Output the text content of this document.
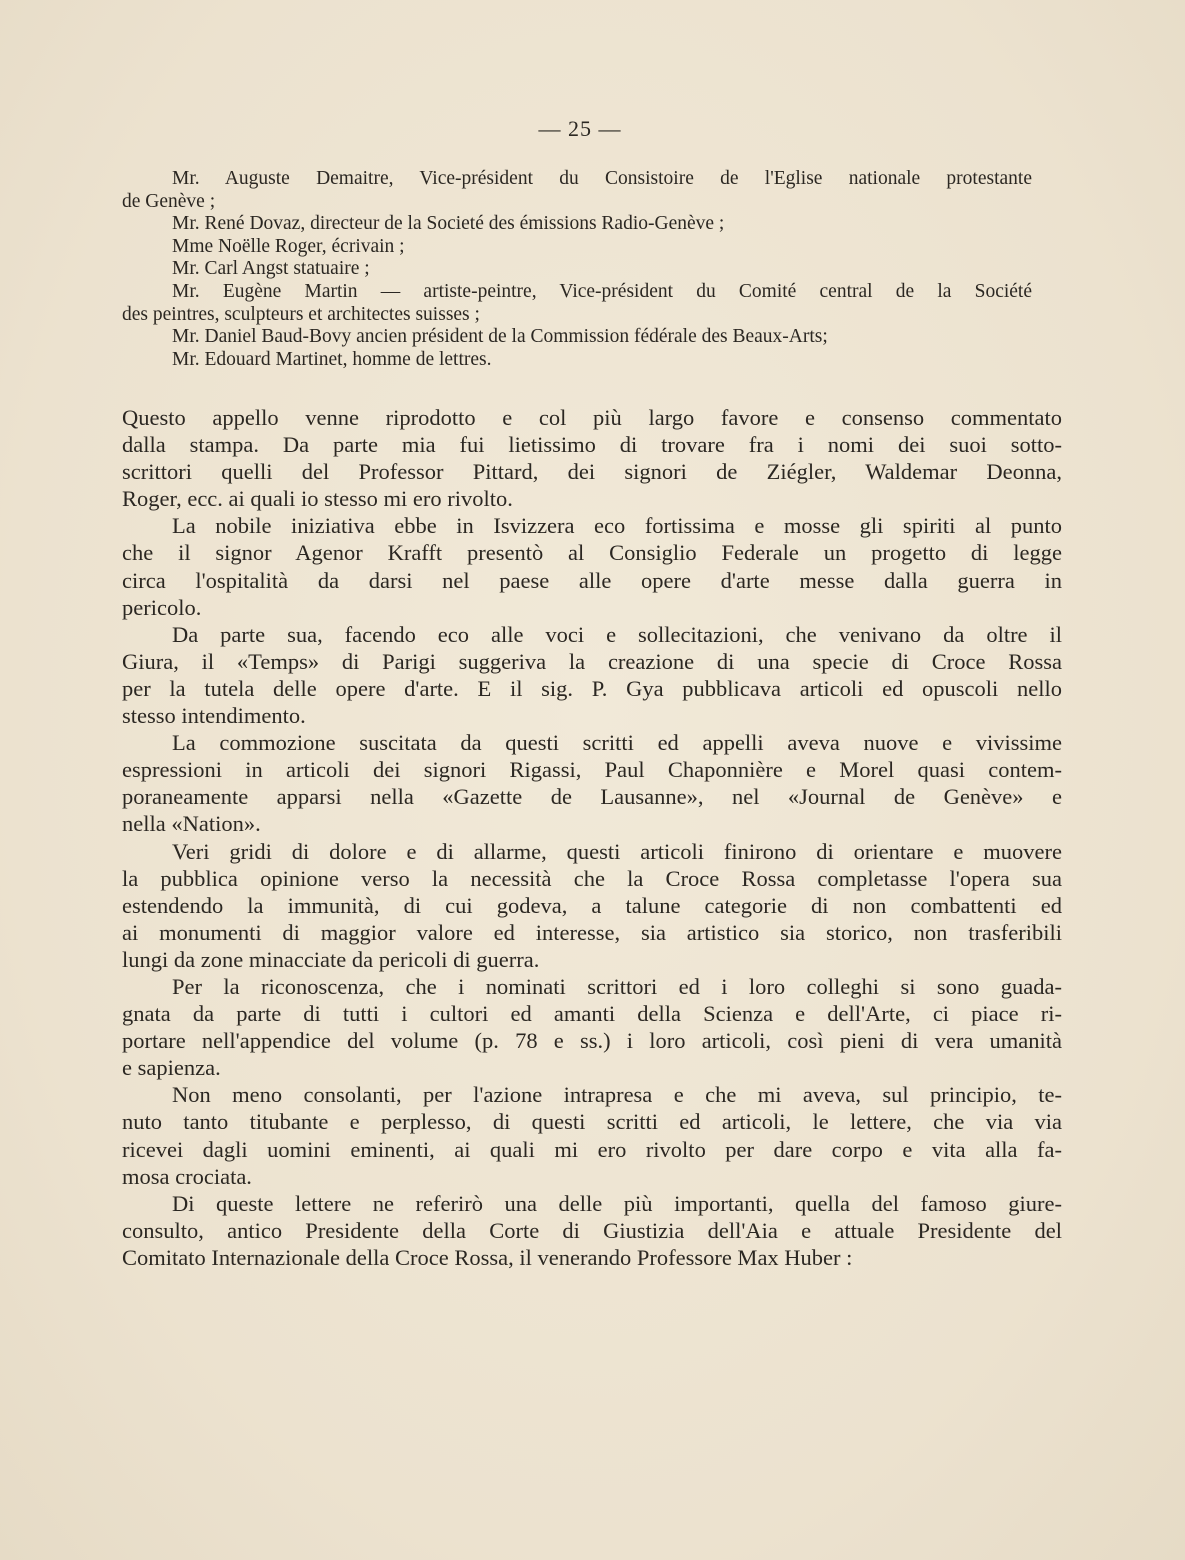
— 25 —
Mr. Auguste Demaitre, Vice-président du Consistoire de l'Eglise nationale protestante
de Genève ;
Mr. René Dovaz, directeur de la Societé des émissions Radio-Genève ;
Mme Noëlle Roger, écrivain ;
Mr. Carl Angst statuaire ;
Mr. Eugène Martin — artiste-peintre, Vice-président du Comité central de la Société
des peintres, sculpteurs et architectes suisses ;
Mr. Daniel Baud-Bovy ancien président de la Commission fédérale des Beaux-Arts;
Mr. Edouard Martinet, homme de lettres.
Questo appello venne riprodotto e col più largo favore e consenso commentato
dalla stampa. Da parte mia fui lietissimo di trovare fra i nomi dei suoi sotto-
scrittori quelli del Professor Pittard, dei signori de Ziégler, Waldemar Deonna,
Roger, ecc. ai quali io stesso mi ero rivolto.
La nobile iniziativa ebbe in Isvizzera eco fortissima e mosse gli spiriti al punto
che il signor Agenor Krafft presentò al Consiglio Federale un progetto di legge
circa l'ospitalità da darsi nel paese alle opere d'arte messe dalla guerra in
pericolo.
Da parte sua, facendo eco alle voci e sollecitazioni, che venivano da oltre il
Giura, il «Temps» di Parigi suggeriva la creazione di una specie di Croce Rossa
per la tutela delle opere d'arte. E il sig. P. Gya pubblicava articoli ed opuscoli nello
stesso intendimento.
La commozione suscitata da questi scritti ed appelli aveva nuove e vivissime
espressioni in articoli dei signori Rigassi, Paul Chaponnière e Morel quasi contem-
poraneamente apparsi nella «Gazette de Lausanne», nel «Journal de Genève» e
nella «Nation».
Veri gridi di dolore e di allarme, questi articoli finirono di orientare e muovere
la pubblica opinione verso la necessità che la Croce Rossa completasse l'opera sua
estendendo la immunità, di cui godeva, a talune categorie di non combattenti ed
ai monumenti di maggior valore ed interesse, sia artistico sia storico, non trasferibili
lungi da zone minacciate da pericoli di guerra.
Per la riconoscenza, che i nominati scrittori ed i loro colleghi si sono guada-
gnata da parte di tutti i cultori ed amanti della Scienza e dell'Arte, ci piace ri-
portare nell'appendice del volume (p. 78 e ss.) i loro articoli, così pieni di vera umanità
e sapienza.
Non meno consolanti, per l'azione intrapresa e che mi aveva, sul principio, te-
nuto tanto titubante e perplesso, di questi scritti ed articoli, le lettere, che via via
ricevei dagli uomini eminenti, ai quali mi ero rivolto per dare corpo e vita alla fa-
mosa crociata.
Di queste lettere ne referirò una delle più importanti, quella del famoso giure-
consulto, antico Presidente della Corte di Giustizia dell'Aia e attuale Presidente del
Comitato Internazionale della Croce Rossa, il venerando Professore Max Huber :
